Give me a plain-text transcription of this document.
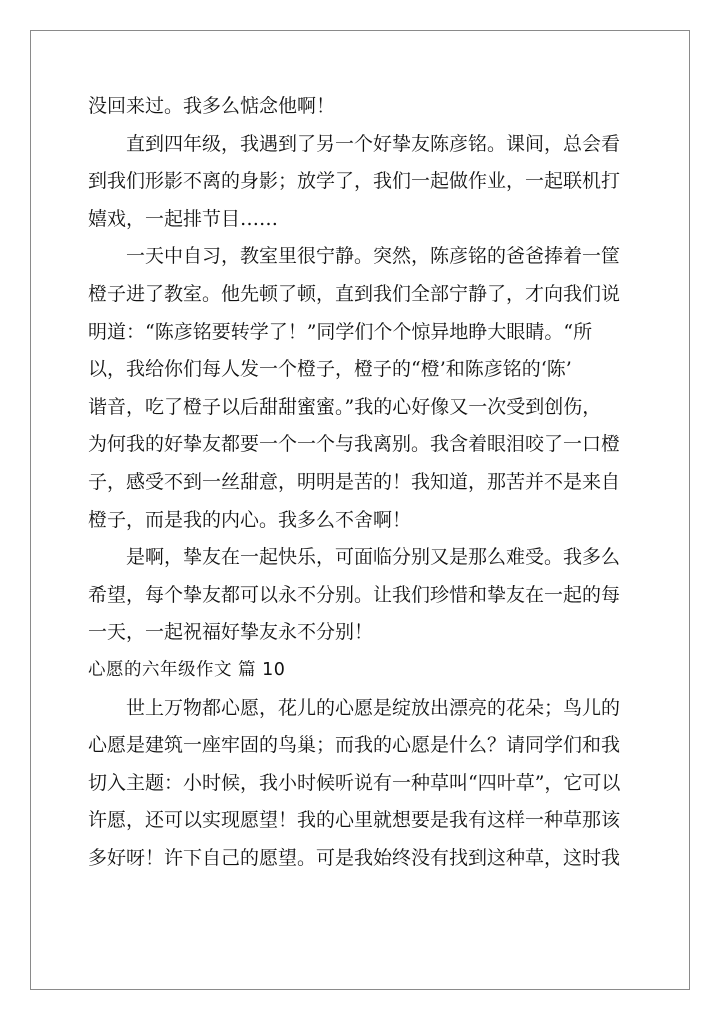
没回来过。我多么惦念他啊！
直到四年级，我遇到了另一个好挚友陈彦铭。课间，总会看
到我们形影不离的身影；放学了，我们一起做作业，一起联机打
嬉戏，一起排节目……
一天中自习，教室里很宁静。突然，陈彦铭的爸爸捧着一筐
橙子进了教室。他先顿了顿，直到我们全部宁静了，才向我们说
明道：“陈彦铭要转学了！”同学们个个惊异地睁大眼睛。“所
以，我给你们每人发一个橙子，橙子的“橙’和陈彦铭的‘陈’
谐音，吃了橙子以后甜甜蜜蜜。”我的心好像又一次受到创伤，
为何我的好挚友都要一个一个与我离别。我含着眼泪咬了一口橙
子，感受不到一丝甜意，明明是苦的！我知道，那苦并不是来自
橙子，而是我的内心。我多么不舍啊！
是啊，挚友在一起快乐，可面临分别又是那么难受。我多么
希望，每个挚友都可以永不分别。让我们珍惜和挚友在一起的每
一天，一起祝福好挚友永不分别！
心愿的六年级作文 篇 10
世上万物都心愿，花儿的心愿是绽放出漂亮的花朵；鸟儿的
心愿是建筑一座牢固的鸟巢；而我的心愿是什么？请同学们和我
切入主题：小时候，我小时候听说有一种草叫“四叶草”，它可以
许愿，还可以实现愿望！我的心里就想要是我有这样一种草那该
多好呀！许下自己的愿望。可是我始终没有找到这种草，这时我
